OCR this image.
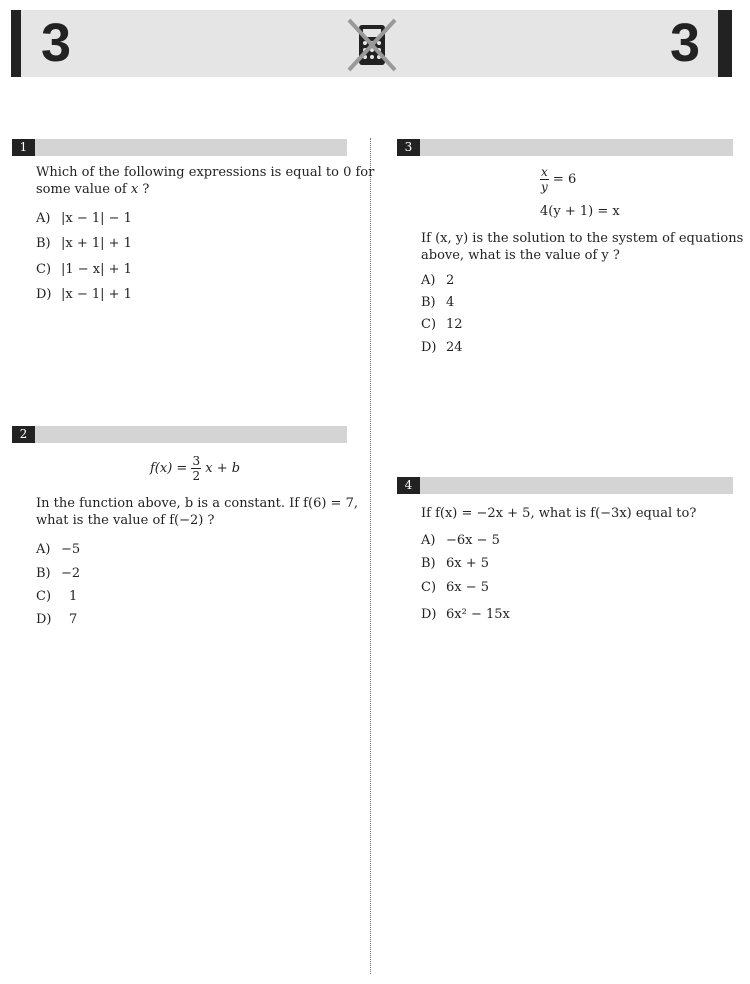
3	3
1
Which of the following expressions is equal to 0 for
some value of x ?
A) |x − 1| − 1
B) |x + 1| + 1
C) |1 − x| + 1
D) |x − 1| + 1
2
$f(x) = \frac{3}{2}$ x + b
In the function above, b is a constant. If f(6) = 7,
what is the value of f(−2) ?
A) −5
B) −2
C) 1
D) 7
3
$\frac{x}{y} = 6$
4(y + 1) = x
If (x, y) is the solution to the system of equations
above, what is the value of y ?
A) 2
B) 4
C) 12
D) 24
4
If f(x) = −2x + 5, what is f(−3x) equal to?
A) −6x − 5
B) 6x + 5
C) 6x − 5
D) 6x² − 15x
